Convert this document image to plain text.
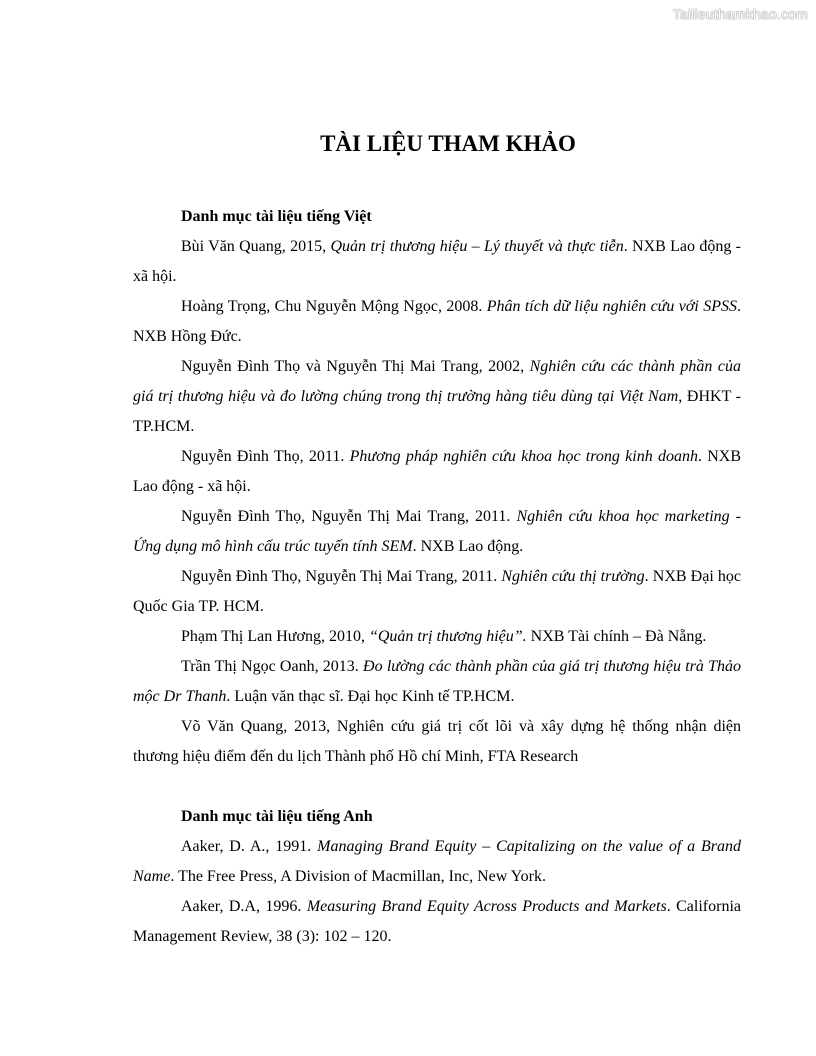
Tailieuthamkhao.com
TÀI LIỆU THAM KHẢO

Danh mục tài liệu tiếng Việt

Bùi Văn Quang, 2015, Quản trị thương hiệu – Lý thuyết và thực tiễn. NXB Lao động - xã hội.

Hoàng Trọng, Chu Nguyễn Mộng Ngọc, 2008. Phân tích dữ liệu nghiên cứu với SPSS. NXB Hồng Đức.

Nguyễn Đình Thọ và Nguyễn Thị Mai Trang, 2002, Nghiên cứu các thành phần của giá trị thương hiệu và đo lường chúng trong thị trường hàng tiêu dùng tại Việt Nam, ĐHKT - TP.HCM.

Nguyễn Đình Thọ, 2011. Phương pháp nghiên cứu khoa học trong kinh doanh. NXB Lao động - xã hội.

Nguyễn Đình Thọ, Nguyễn Thị Mai Trang, 2011. Nghiên cứu khoa học marketing - Ứng dụng mô hình cấu trúc tuyến tính SEM. NXB Lao động.

Nguyễn Đình Thọ, Nguyễn Thị Mai Trang, 2011. Nghiên cứu thị trường. NXB Đại học Quốc Gia TP. HCM.

Phạm Thị Lan Hương, 2010, “Quản trị thương hiệu”. NXB Tài chính – Đà Nẵng.

Trần Thị Ngọc Oanh, 2013. Đo lường các thành phần của giá trị thương hiệu trà Thảo mộc Dr Thanh. Luận văn thạc sĩ. Đại học Kinh tế TP.HCM.

Võ Văn Quang, 2013, Nghiên cứu giá trị cốt lõi và xây dựng hệ thống nhận diện thương hiệu điểm đến du lịch Thành phố Hồ chí Minh, FTA Research

Danh mục tài liệu tiếng Anh

Aaker, D. A., 1991. Managing Brand Equity – Capitalizing on the value of a Brand Name. The Free Press, A Division of Macmillan, Inc, New York.

Aaker, D.A, 1996. Measuring Brand Equity Across Products and Markets. California Management Review, 38 (3): 102 – 120.
